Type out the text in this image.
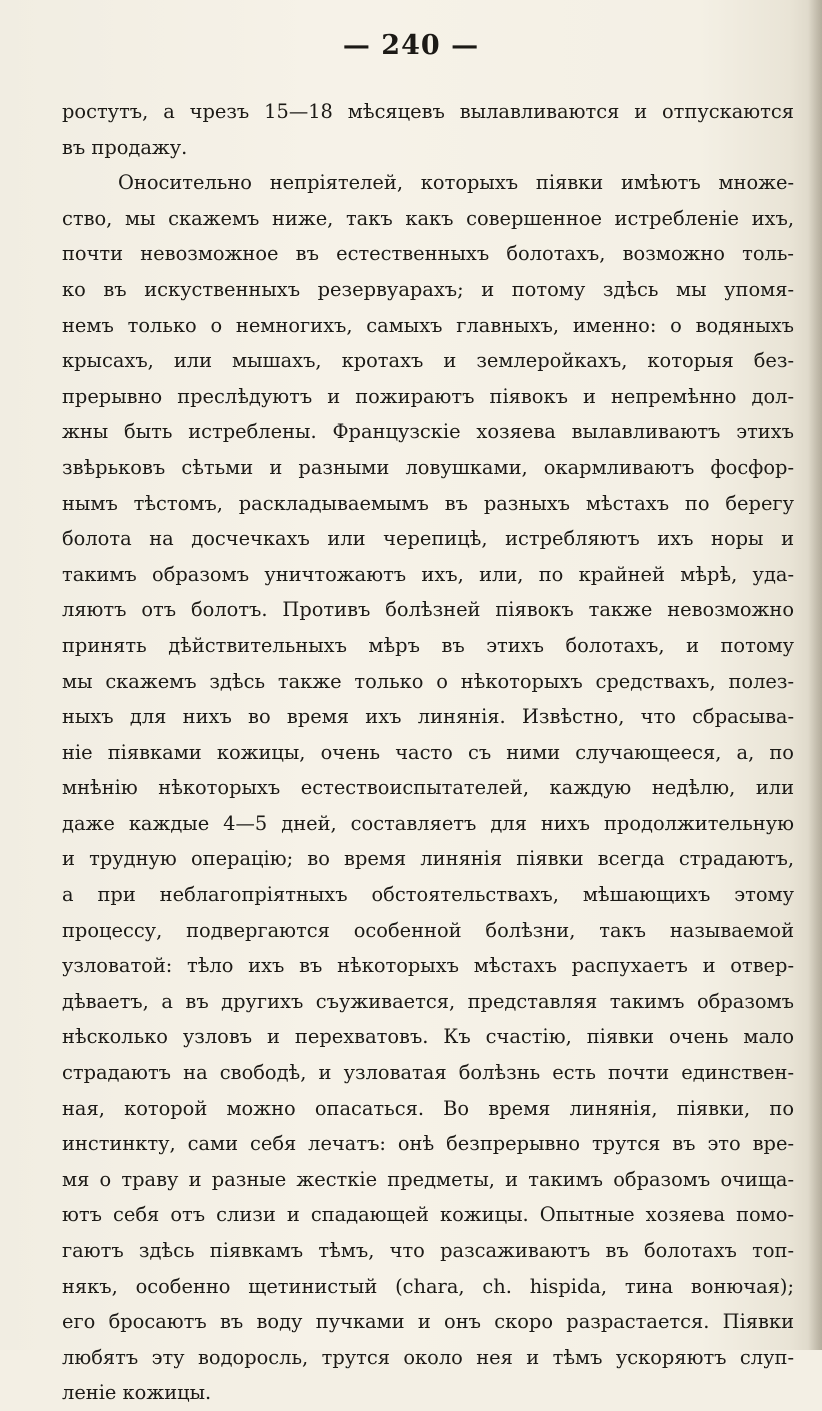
— 240 —
ростутъ, а чрезъ 15—18 мѣсяцевъ вылавливаются и отпускаются
въ продажу.
Оносительно непріятелей, которыхъ піявки имѣютъ множе-
ство, мы скажемъ ниже, такъ какъ совершенное истребленіе ихъ,
почти невозможное въ естественныхъ болотахъ, возможно толь-
ко въ искуственныхъ резервуарахъ; и потому здѣсь мы упомя-
немъ только о немногихъ, самыхъ главныхъ, именно: о водяныхъ
крысахъ, или мышахъ, кротахъ и землеройкахъ, которыя без-
прерывно преслѣдуютъ и пожираютъ піявокъ и непремѣнно дол-
жны быть истреблены. Французскіе хозяева вылавливаютъ этихъ
звѣрьковъ сѣтьми и разными ловушками, окармливаютъ фосфор-
нымъ тѣстомъ, раскладываемымъ въ разныхъ мѣстахъ по берегу
болота на досчечкахъ или черепицѣ, истребляютъ ихъ норы и
такимъ образомъ уничтожаютъ ихъ, или, по крайней мѣрѣ, уда-
ляютъ отъ болотъ. Противъ болѣзней піявокъ также невозможно
принять дѣйствительныхъ мѣръ въ этихъ болотахъ, и потому
мы скажемъ здѣсь также только о нѣкоторыхъ средствахъ, полез-
ныхъ для нихъ во время ихъ линянія. Извѣстно, что сбрасыва-
ніе піявками кожицы, очень часто съ ними случающееся, а, по
мнѣнію нѣкоторыхъ естествоиспытателей, каждую недѣлю, или
даже каждые 4—5 дней, составляетъ для нихъ продолжительную
и трудную операцію; во время линянія піявки всегда страдаютъ,
а при неблагопріятныхъ обстоятельствахъ, мѣшающихъ этому
процессу, подвергаются особенной болѣзни, такъ называемой
узловатой: тѣло ихъ въ нѣкоторыхъ мѣстахъ распухаетъ и отвер-
дѣваетъ, а въ другихъ съуживается, представляя такимъ образомъ
нѣсколько узловъ и перехватовъ. Къ счастію, піявки очень мало
страдаютъ на свободѣ, и узловатая болѣзнь есть почти единствен-
ная, которой можно опасаться. Во время линянія, піявки, по
инстинкту, сами себя лечатъ: онѣ безпрерывно трутся въ это вре-
мя о траву и разные жесткіе предметы, и такимъ образомъ очища-
ютъ себя отъ слизи и спадающей кожицы. Опытные хозяева помо-
гаютъ здѣсь піявкамъ тѣмъ, что разсаживаютъ въ болотахъ топ-
някъ, особенно щетинистый (chara, ch. hispida, тина вонючая);
его бросаютъ въ воду пучками и онъ скоро разрастается. Піявки
любятъ эту водоросль, трутся около нея и тѣмъ ускоряютъ слуп-
леніе кожицы.
